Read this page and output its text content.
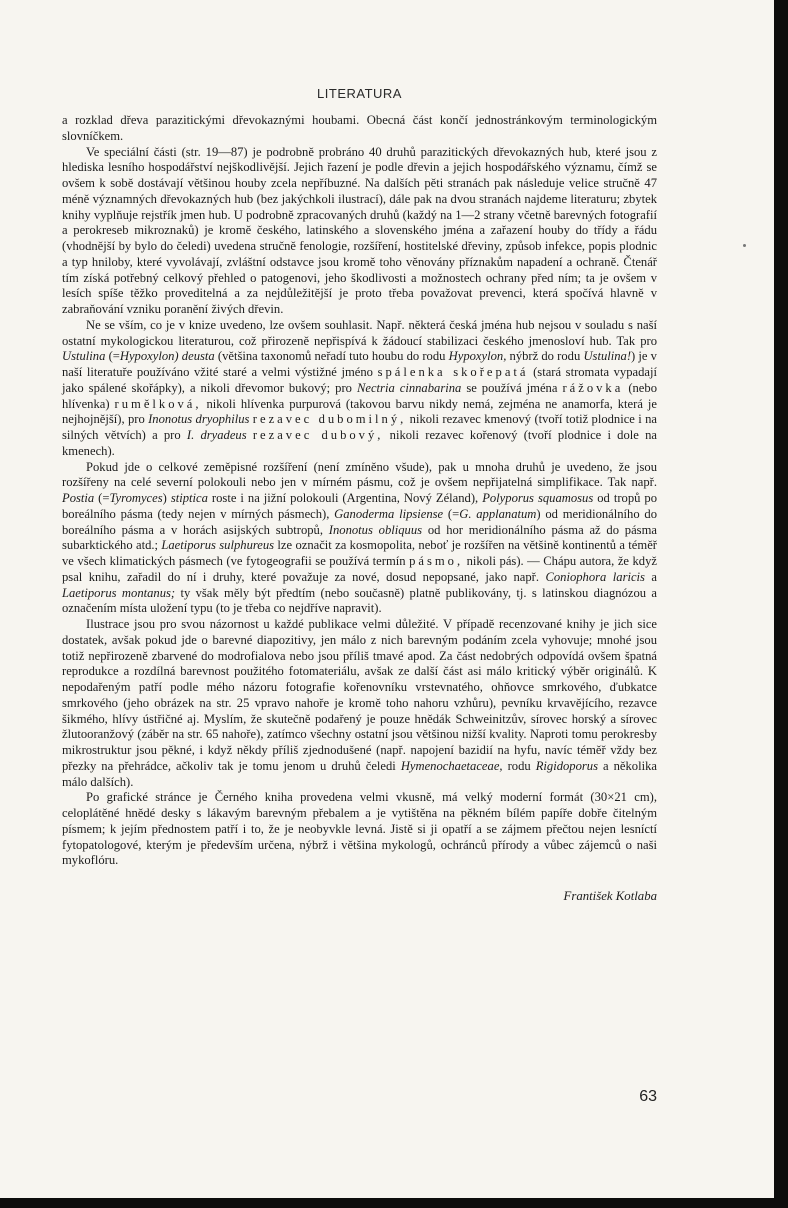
LITERATURA

a rozklad dřeva parazitickými dřevokaznými houbami. Obecná část končí jednostránkovým terminologickým slovníčkem.

Ve speciální části (str. 19—87) je podrobně probráno 40 druhů parazitických dřevokazných hub, které jsou z hlediska lesního hospodářství nejškodlivější. Jejich řazení je podle dřevin a jejich hospodářského významu, čímž se ovšem k sobě dostávají většinou houby zcela nepříbuzné. Na dalších pěti stranách pak následuje velice stručně 47 méně významných dřevokazných hub (bez jakýchkoli ilustrací), dále pak na dvou stranách najdeme literaturu; zbytek knihy vyplňuje rejstřík jmen hub. U podrobně zpracovaných druhů (každý na 1—2 strany včetně barevných fotografií a perokreseb mikroznaků) je kromě českého, latinského a slovenského jména a zařazení houby do třídy a řádu (vhodnější by bylo do čeledi) uvedena stručně fenologie, rozšíření, hostitelské dřeviny, způsob infekce, popis plodnic a typ hniloby, které vyvolávají, zvláštní odstavce jsou kromě toho věnovány příznakům napadení a ochraně. Čtenář tím získá potřebný celkový přehled o patogenovi, jeho škodlivosti a možnostech ochrany před ním; ta je ovšem v lesích spíše těžko proveditelná a za nejdůležitější je proto třeba považovat prevenci, která spočívá hlavně v zabraňování vzniku poranění živých dřevin.

Ne se vším, co je v knize uvedeno, lze ovšem souhlasit. Např. některá česká jména hub nejsou v souladu s naší ostatní mykologickou literaturou, což přirozeně nepřispívá k žádoucí stabilizaci českého jmenosloví hub. Tak pro Ustulina (=Hypoxylon) deusta (většina taxonomů neřadí tuto houbu do rodu Hypoxylon, nýbrž do rodu Ustulina!) je v naší literatuře používáno vžité staré a velmi výstižné jméno spálenka skořepatá (stará stromata vypadají jako spálené skořápky), a nikoli dřevomor bukový; pro Nectria cinnabarina se používá jména rážovka (nebo hlívenka) rumělková, nikoli hlívenka purpurová (takovou barvu nikdy nemá, zejména ne anamorfa, která je nejhojnější), pro Inonotus dryophilus rezavec dubomilný, nikoli rezavec kmenový (tvoří totiž plodnice i na silných větvích) a pro I. dryadeus rezavec dubový, nikoli rezavec kořenový (tvoří plodnice i dole na kmenech).

Pokud jde o celkové zeměpisné rozšíření (není zmíněno všude), pak u mnoha druhů je uvedeno, že jsou rozšířeny na celé severní polokouli nebo jen v mírném pásmu, což je ovšem nepřijatelná simplifikace. Tak např. Postia (=Tyromyces) stiptica roste i na jižní polokouli (Argentina, Nový Zéland), Polyporus squamosus od tropů po boreálního pásma (tedy nejen v mírných pásmech), Ganoderma lipsiense (=G. applanatum) od meridionálního do boreálního pásma a v horách asijských subtropů, Inonotus obliquus od hor meridionálního pásma až do pásma subarktického atd.; Laetiporus sulphureus lze označit za kosmopolita, neboť je rozšířen na většině kontinentů a téměř ve všech klimatických pásmech (ve fytogeografii se používá termín pásmo, nikoli pás). — Chápu autora, že když psal knihu, zařadil do ní i druhy, které považuje za nové, dosud nepopsané, jako např. Coniophora laricis a Laetiporus montanus; ty však měly být předtím (nebo současně) platně publikovány, tj. s latinskou diagnózou a označením místa uložení typu (to je třeba co nejdříve napravit).

Ilustrace jsou pro svou názornost u každé publikace velmi důležité. V případě recenzované knihy je jich sice dostatek, avšak pokud jde o barevné diapozitivy, jen málo z nich barevným podáním zcela vyhovuje; mnohé jsou totiž nepřirozeně zbarvené do modrofialova nebo jsou příliš tmavé apod. Za část nedobrých odpovídá ovšem špatná reprodukce a rozdílná barevnost použitého fotomateriálu, avšak ze další část asi málo kritický výběr originálů. K nepodařeným patří podle mého názoru fotografie kořenovníku vrstevnatého, ohňovce smrkového, ďubkatce smrkového (jeho obrázek na str. 25 vpravo nahoře je kromě toho nahoru vzhůru), pevníku krvavějícího, rezavce šikmého, hlívy ústřičné aj. Myslím, že skutečně podařený je pouze hnědák Schweinitzův, sírovec horský a sírovec žlutooranžový (záběr na str. 65 nahoře), zatímco všechny ostatní jsou většinou nižší kvality. Naproti tomu perokresby mikrostruktur jsou pěkné, i když někdy příliš zjednodušené (např. napojení bazidií na hyfu, navíc téměř vždy bez přezky na přehrádce, ačkoliv tak je tomu jenom u druhů čeledi Hymenochaetaceae, rodu Rigidoporus a několika málo dalších).

Po grafické stránce je Černého kniha provedena velmi vkusně, má velký moderní formát (30×21 cm), celoplátěné hnědé desky s lákavým barevným přebalem a je vytištěna na pěkném bílém papíře dobře čitelným písmem; k jejím přednostem patří i to, že je neobyvkle levná. Jistě si ji opatří a se zájmem přečtou nejen lesníctí fytopatologové, kterým je především určena, nýbrž i většina mykologů, ochránců přírody a vůbec zájemců o naši mykoflóru.

František Kotlaba
63
